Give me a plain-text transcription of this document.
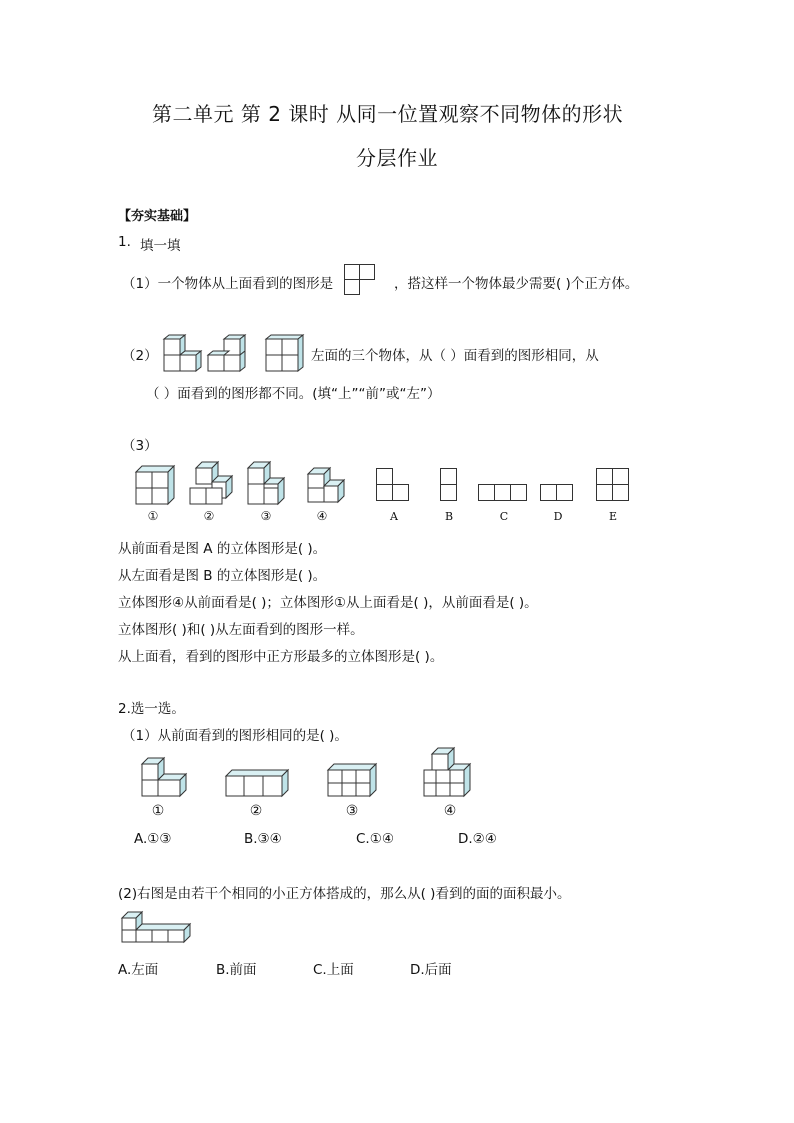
第二单元 第 2 课时 从同一位置观察不同物体的形状
分层作业
【夯实基础】
1. 填一填
（1）一个物体从上面看到的图形是	，搭这样一个物体最少需要( )个正方体。
（2）	左面的三个物体，从（ ）面看到的图形相同，从
（ ）面看到的图形都不同。(填“上”“前”或“左”）
（3）
①	②	③	④	A	B	C	D	E
从前面看是图 A 的立体图形是( )。
从左面看是图 B 的立体图形是( )。
立体图形④从前面看是( )；立体图形①从上面看是( )，从前面看是( )。
立体图形( )和( )从左面看到的图形一样。
从上面看，看到的图形中正方形最多的立体图形是( )。
2.选一选。
（1）从前面看到的图形相同的是( )。
①	②	③	④
A.①③	B.③④	C.①④	D.②④
(2)右图是由若干个相同的小正方体搭成的，那么从( )看到的面的面积最小。
A.左面	B.前面	C.上面	D.后面
